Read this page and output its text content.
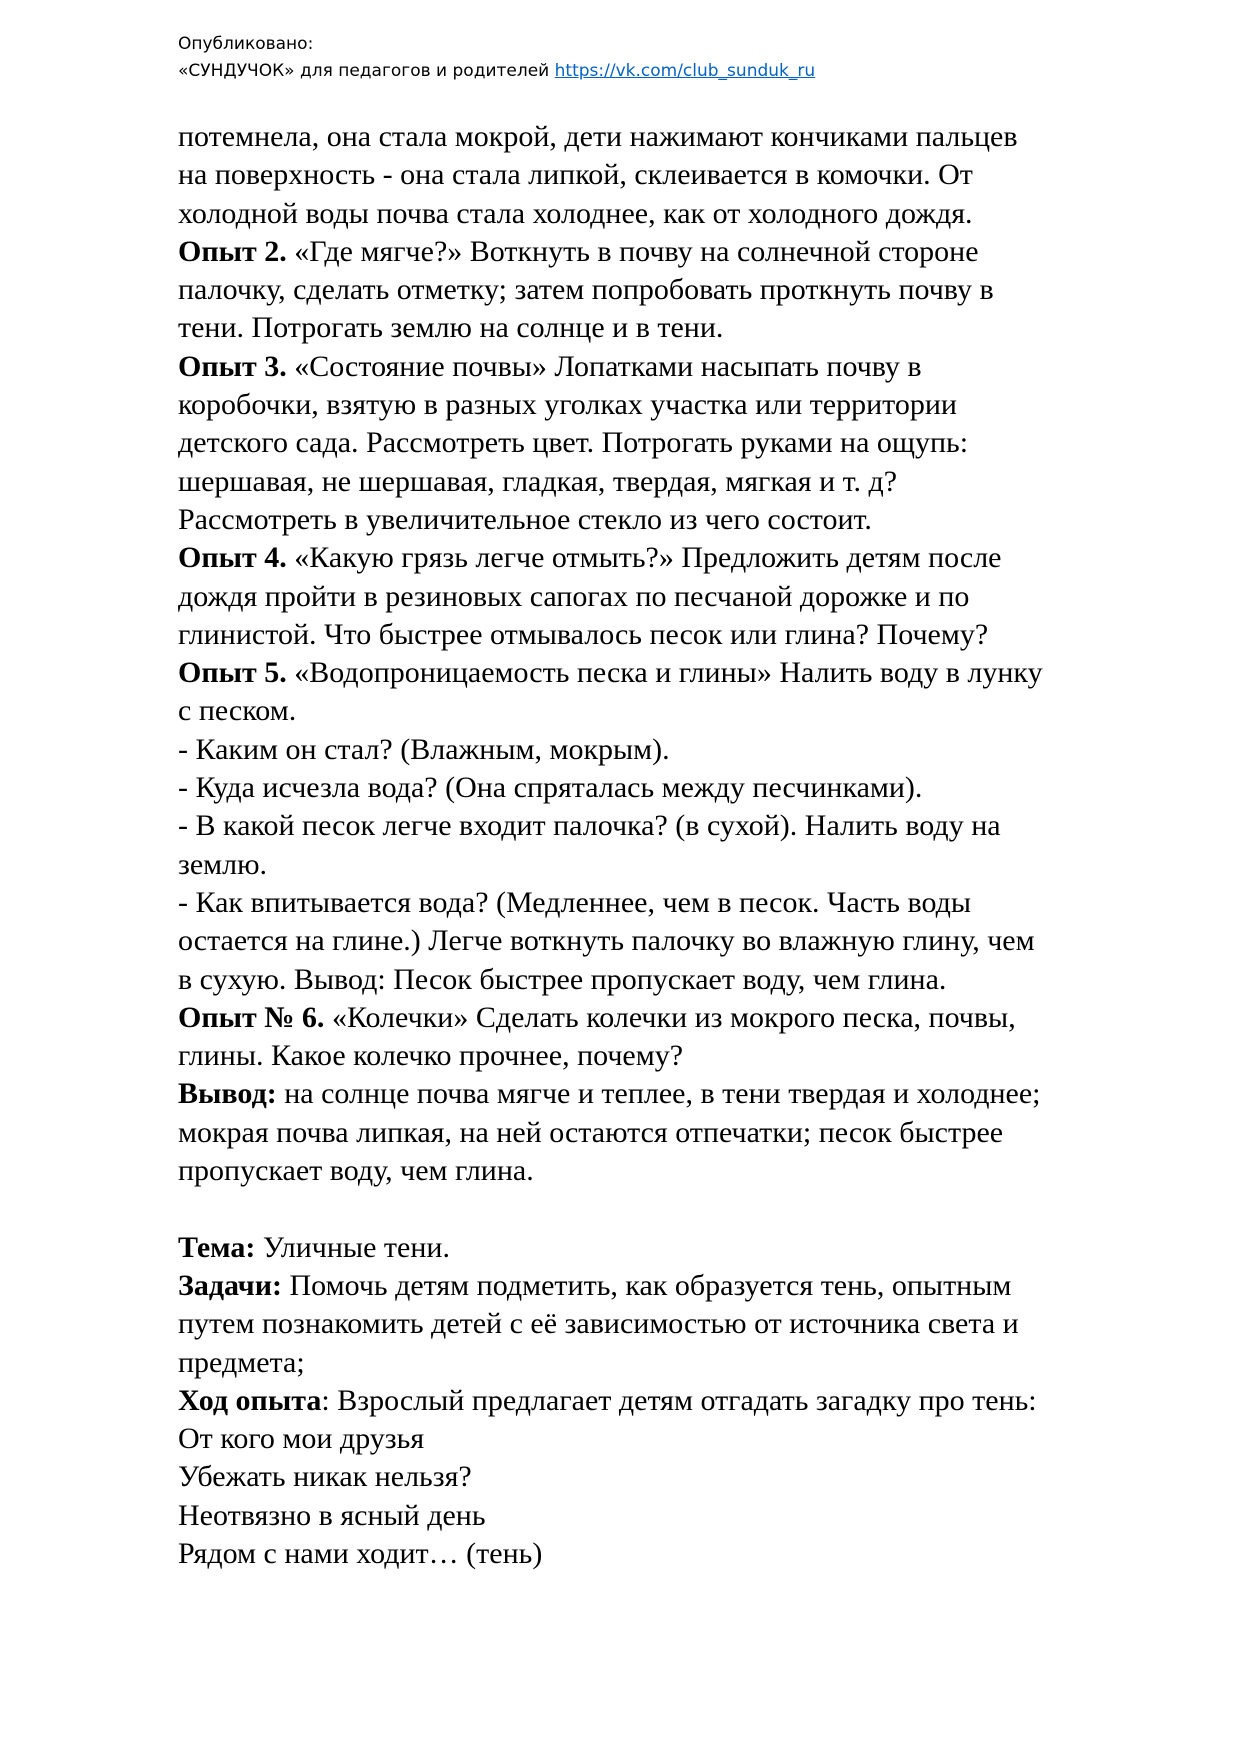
Опубликовано:
«СУНДУЧОК» для педагогов и родителей https://vk.com/club_sunduk_ru

потемнела, она стала мокрой, дети нажимают кончиками пальцев

на поверхность - она стала липкой, склеивается в комочки. От

холодной воды почва стала холоднее, как от холодного дождя.

Опыт 2. «Где мягче?» Воткнуть в почву на солнечной стороне

палочку, сделать отметку; затем попробовать проткнуть почву в

тени. Потрогать землю на солнце и в тени.

Опыт 3. «Состояние почвы» Лопатками насыпать почву в

коробочки, взятую в разных уголках участка или территории

детского сада. Рассмотреть цвет. Потрогать руками на ощупь:

шершавая, не шершавая, гладкая, твердая, мягкая и т. д?

Рассмотреть в увеличительное стекло из чего состоит.

Опыт 4. «Какую грязь легче отмыть?» Предложить детям после

дождя пройти в резиновых сапогах по песчаной дорожке и по

глинистой. Что быстрее отмывалось песок или глина? Почему?

Опыт 5. «Водопроницаемость песка и глины» Налить воду в лунку

с песком.

- Каким он стал? (Влажным, мокрым).

- Куда исчезла вода? (Она спряталась между песчинками).

- В какой песок легче входит палочка? (в сухой). Налить воду на

землю.

- Как впитывается вода? (Медленнее, чем в песок. Часть воды

остается на глине.) Легче воткнуть палочку во влажную глину, чем

в сухую. Вывод: Песок быстрее пропускает воду, чем глина.

Опыт № 6. «Колечки» Сделать колечки из мокрого песка, почвы,

глины. Какое колечко прочнее, почему?

Вывод: на солнце почва мягче и теплее, в тени твердая и холоднее;

мокрая почва липкая, на ней остаются отпечатки; песок быстрее

пропускает воду, чем глина.

Тема: Уличные тени.

Задачи: Помочь детям подметить, как образуется тень, опытным

путем познакомить детей с её зависимостью от источника света и

предмета;

Ход опыта: Взрослый предлагает детям отгадать загадку про тень:

От кого мои друзья

Убежать никак нельзя?

Неотвязно в ясный день

Рядом с нами ходит… (тень)
